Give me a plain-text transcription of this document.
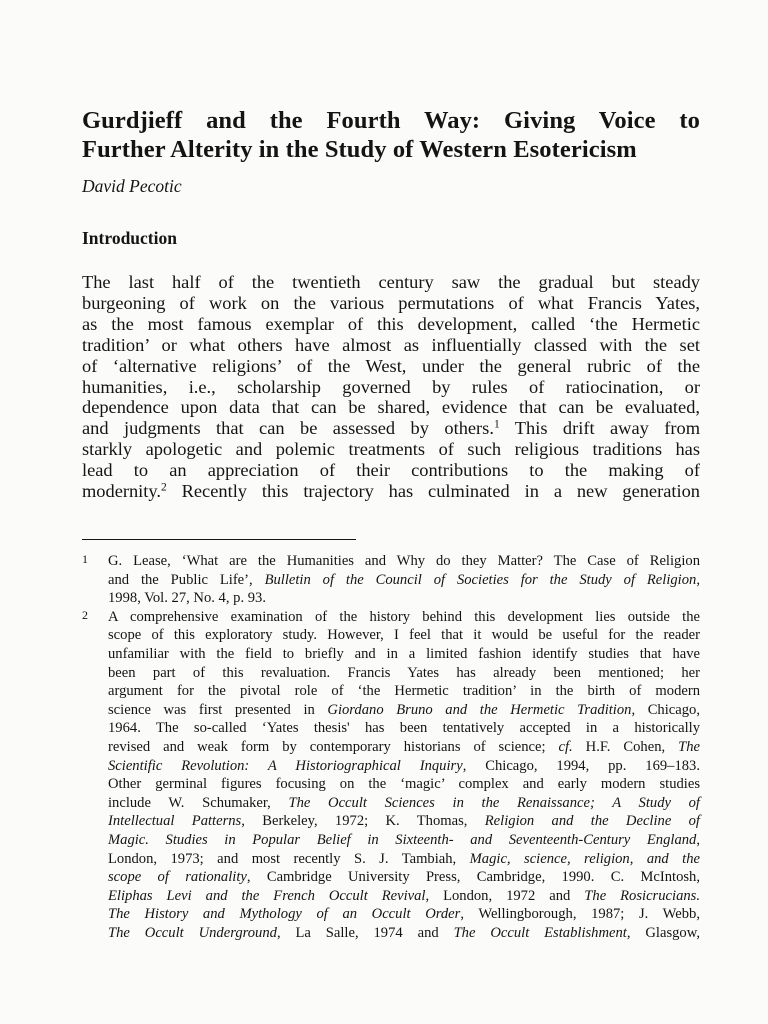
Gurdjieff and the Fourth Way: Giving Voice to
Further Alterity in the Study of Western Esotericism

David Pecotic

Introduction
The last half of the twentieth century saw the gradual but steady
burgeoning of work on the various permutations of what Francis Yates,
as the most famous exemplar of this development, called ‘the Hermetic
tradition’ or what others have almost as influentially classed with the set
of ‘alternative religions’ of the West, under the general rubric of the
humanities, i.e., scholarship governed by rules of ratiocination, or
dependence upon data that can be shared, evidence that can be evaluated,
and judgments that can be assessed by others.$^1$ This drift away from
starkly apologetic and polemic treatments of such religious traditions has
lead to an appreciation of their contributions to the making of
modernity.$^2$ Recently this trajectory has culminated in a new generation
1 G. Lease, ‘What are the Humanities and Why do they Matter? The Case of Religion
and the Public Life’, Bulletin of the Council of Societies for the Study of Religion,
1998, Vol. 27, No. 4, p. 93.
2 A comprehensive examination of the history behind this development lies outside the
scope of this exploratory study. However, I feel that it would be useful for the reader
unfamiliar with the field to briefly and in a limited fashion identify studies that have
been part of this revaluation. Francis Yates has already been mentioned; her
argument for the pivotal role of ‘the Hermetic tradition’ in the birth of modern
science was first presented in Giordano Bruno and the Hermetic Tradition, Chicago,
1964. The so-called ‘Yates thesis' has been tentatively accepted in a historically
revised and weak form by contemporary historians of science; cf. H.F. Cohen, The
Scientific Revolution: A Historiographical Inquiry, Chicago, 1994, pp. 169–183.
Other germinal figures focusing on the ‘magic’ complex and early modern studies
include W. Schumaker, The Occult Sciences in the Renaissance; A Study of
Intellectual Patterns, Berkeley, 1972; K. Thomas, Religion and the Decline of
Magic. Studies in Popular Belief in Sixteenth- and Seventeenth-Century England,
London, 1973; and most recently S. J. Tambiah, Magic, science, religion, and the
scope of rationality, Cambridge University Press, Cambridge, 1990. C. McIntosh,
Eliphas Levi and the French Occult Revival, London, 1972 and The Rosicrucians.
The History and Mythology of an Occult Order, Wellingborough, 1987; J. Webb,
The Occult Underground, La Salle, 1974 and The Occult Establishment, Glasgow,
